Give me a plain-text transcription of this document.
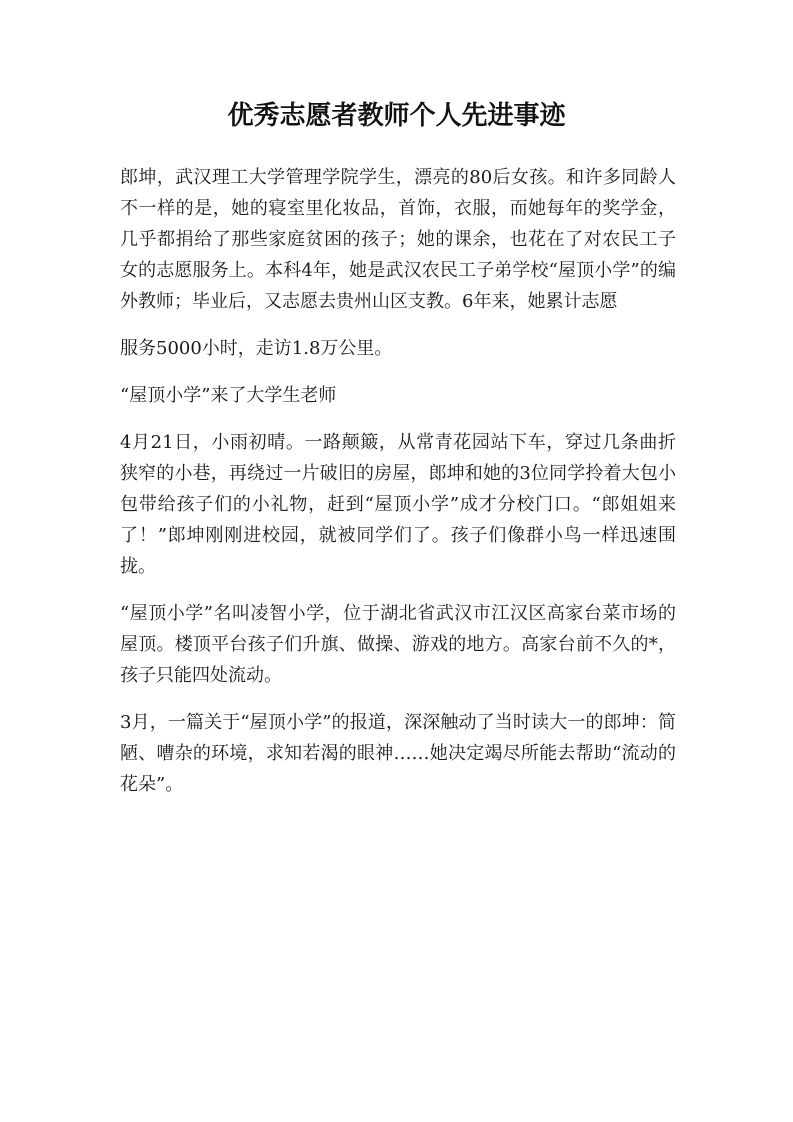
优秀志愿者教师个人先进事迹

郎坤，武汉理工大学管理学院学生，漂亮的80后女孩。和许多同龄人不一样的是，她的寝室里化妆品，首饰，衣服，而她每年的奖学金，几乎都捐给了那些家庭贫困的孩子；她的课余，也花在了对农民工子女的志愿服务上。本科4年，她是武汉农民工子弟学校“屋顶小学”的编外教师；毕业后，又志愿去贵州山区支教。6年来，她累计志愿

服务5000小时，走访1.8万公里。

“屋顶小学”来了大学生老师

4月21日，小雨初晴。一路颠簸，从常青花园站下车，穿过几条曲折狭窄的小巷，再绕过一片破旧的房屋，郎坤和她的3位同学拎着大包小包带给孩子们的小礼物，赶到“屋顶小学”成才分校门口。“郎姐姐来了！”郎坤刚刚进校园，就被同学们了。孩子们像群小鸟一样迅速围拢。

“屋顶小学”名叫凌智小学，位于湖北省武汉市江汉区高家台菜市场的屋顶。楼顶平台孩子们升旗、做操、游戏的地方。高家台前不久的*，孩子只能四处流动。

3月，一篇关于“屋顶小学”的报道，深深触动了当时读大一的郎坤：简陋、嘈杂的环境，求知若渴的眼神……她决定竭尽所能去帮助“流动的花朵”。
